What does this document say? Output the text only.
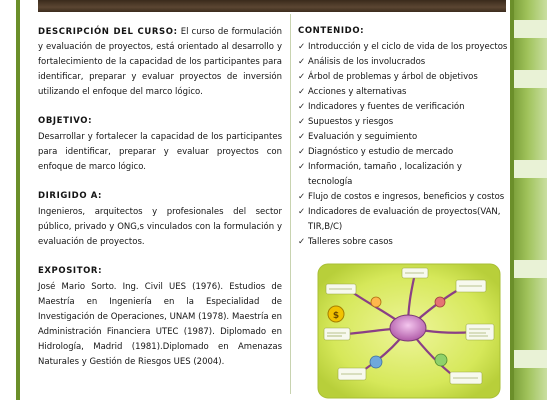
DESCRIPCIÓN DEL CURSO: El curso de formulación y evaluación de proyectos, está orientado al desarrollo y fortalecimiento de la capacidad de los participantes para identificar, preparar y evaluar proyectos de inversión utilizando el enfoque del marco lógico.

OBJETIVO:

Desarrollar y fortalecer la capacidad de los participantes para identificar, preparar y evaluar proyectos con enfoque de marco lógico.

DIRIGIDO A:

Ingenieros, arquitectos y profesionales del sector público, privado y ONG,s vinculados con la formulación y evaluación de proyectos.

EXPOSITOR:

José Mario Sorto. Ing. Civil UES (1976). Estudios de Maestría en Ingeniería en la Especialidad de Investigación de Operaciones, UNAM (1978). Maestría en Administración Financiera UTEC (1987). Diplomado en Hidrología, Madrid (1981).Diplomado en Amenazas Naturales y Gestión de Riesgos UES (2004).

CONTENIDO:
✓ Introducción y el ciclo de vida de los proyectos
✓ Análisis de los involucrados
✓ Árbol de problemas y árbol de objetivos
✓ Acciones y alternativas
✓ Indicadores y fuentes de verificación
✓ Supuestos y riesgos
✓ Evaluación y seguimiento
✓ Diagnóstico y estudio de mercado
✓ Información, tamaño , localización y tecnología
✓ Flujo de costos e ingresos, beneficios y costos
✓ Indicadores de evaluación de proyectos(VAN, TIR,B/C)
✓ Talleres sobre casos
$
